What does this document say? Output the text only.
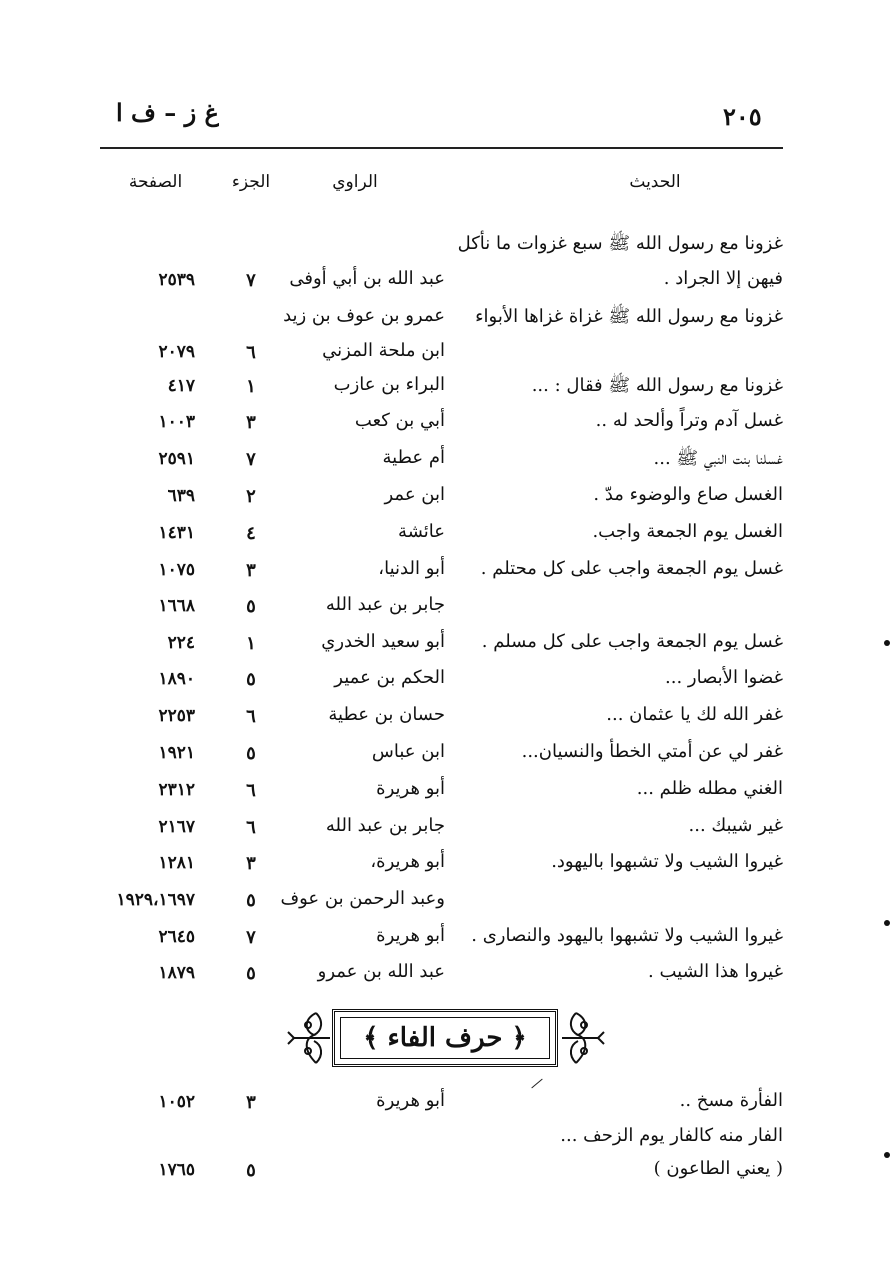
٢٠٥
غ ز – ف ا
الحديث
الراوي
الجزء
الصفحة
غزونا مع رسول الله ﷺ سبع غزوات ما نأكل
فيهن إلا الجراد .
عبد الله بن أبي أوفى
٧
٢٥٣٩
غزونا مع رسول الله ﷺ غزاة غزاها الأبواء
عمرو بن عوف بن زيد
ابن ملحة المزني
٦
٢٠٧٩
غزونا مع رسول الله ﷺ فقال : ...
البراء بن عازب
١
٤١٧
غسل آدم وتراً وألحد له ..
أبي بن كعب
٣
١٠٠٣
غسلنا بنت النبي ﷺ ...
أم عطية
٧
٢٥٩١
الغسل صاع والوضوء مدّ .
ابن عمر
٢
٦٣٩
الغسل يوم الجمعة واجب.
عائشة
٤
١٤٣١
غسل يوم الجمعة واجب على كل محتلم .
أبو الدنيا،
٣
١٠٧٥
جابر بن عبد الله
٥
١٦٦٨
غسل يوم الجمعة واجب على كل مسلم .
أبو سعيد الخدري
١
٢٢٤
غضوا الأبصار ...
الحكم بن عمير
٥
١٨٩٠
غفر الله لك يا عثمان ...
حسان بن عطية
٦
٢٢٥٣
غفر لي عن أمتي الخطأ والنسيان...
ابن عباس
٥
١٩٢١
الغني مطله ظلم ...
أبو هريرة
٦
٢٣١٢
غير شيبك ...
جابر بن عبد الله
٦
٢١٦٧
غيروا الشيب ولا تشبهوا باليهود.
أبو هريرة،
٣
١٢٨١
وعبد الرحمن بن عوف
٥
١٩٢٩،١٦٩٧
غيروا الشيب ولا تشبهوا باليهود والنصارى .
أبو هريرة
٧
٢٦٤٥
غيروا هذا الشيب .
عبد الله بن عمرو
٥
١٨٧٩
﴿ حرف الفاء ﴾
الفأرة مسخ ..
أبو هريرة
٣
١٠٥٢
الفار منه كالفار يوم الزحف ...
( يعني الطاعون )
٥
١٧٦٥
